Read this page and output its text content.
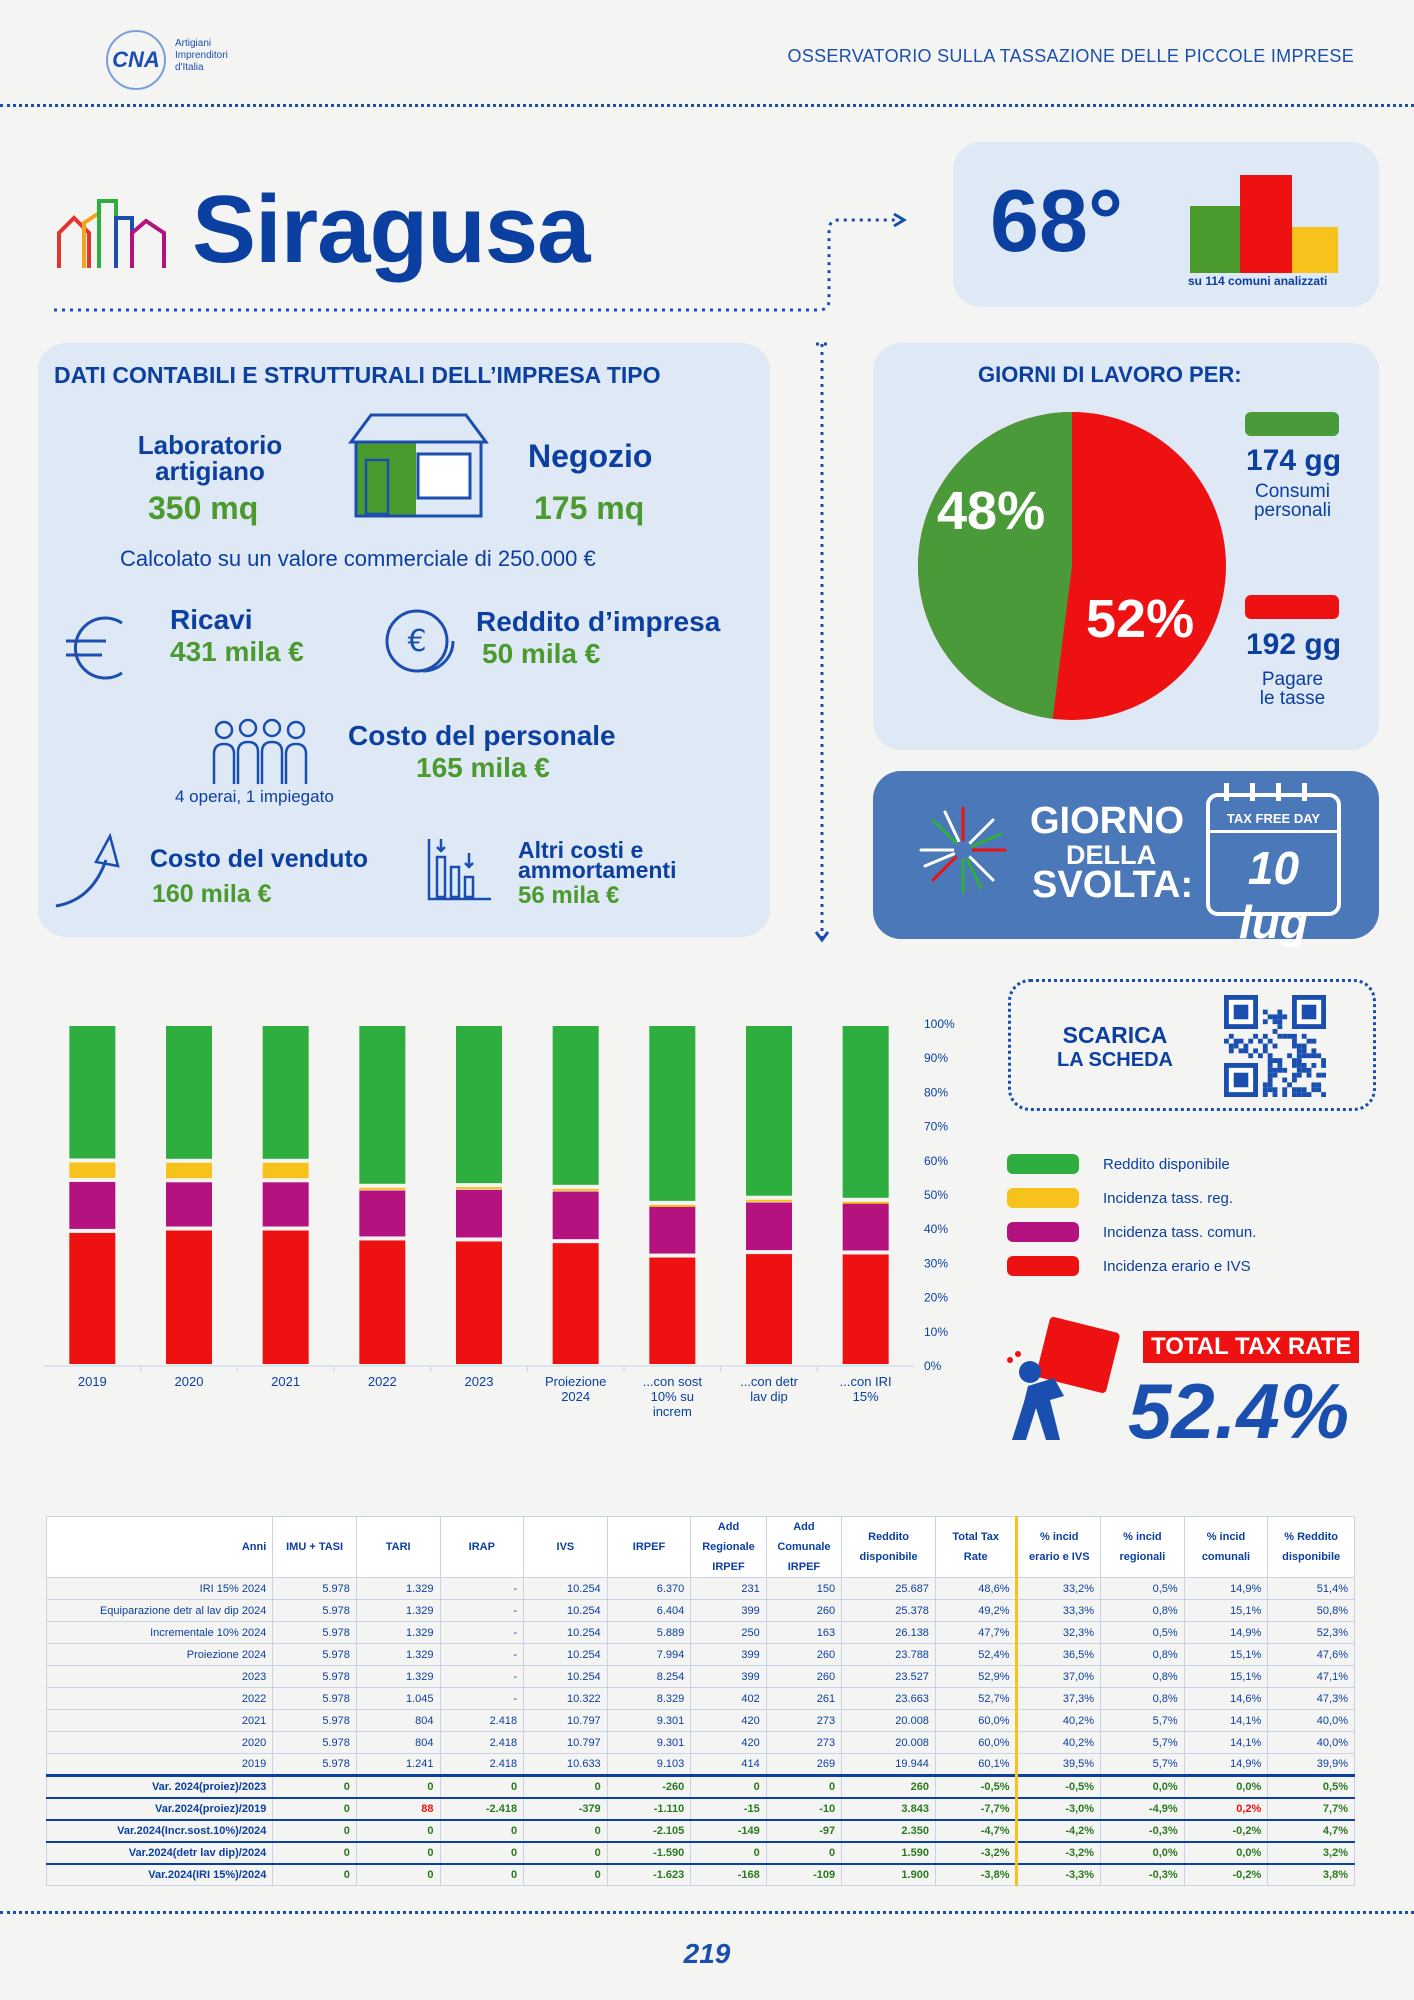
CNA
Artigiani
Imprenditori
d'Italia
OSSERVATORIO SULLA TASSAZIONE DELLE PICCOLE IMPRESE
Siragusa	68°
su 114 comuni analizzati
DATI CONTABILI E STRUTTURALI DELL’IMPRESA TIPO
Laboratorio artigiano
350 mq
Negozio
175 mq
Calcolato su un valore commerciale di 250.000 €
Ricavi
431 mila €	€
Reddito d’impresa
50 mila €
4 operai, 1 impiegato
Costo del personale
165 mila €
Costo del venduto
160 mila €
Altri costi e
ammortamenti
56 mila €
GIORNI DI LAVORO PER:
48%
52%
174 gg
Consumi
personali
192 gg
Pagare
le tasse
GIORNO
DELLA
SVOLTA:
TAX FREE DAY
10 lug
0%
10%
20%
30%
40%
50%
60%
70%
80%
90%
100%
2019	2020	2021	2022	2023	Proiezione
2024
...con sost
10% su
increm
...con detr
lav dip
...con IRI
15%
SCARICA
LA SCHEDA
Reddito disponibile
Incidenza tass. reg.
Incidenza tass. comun.
Incidenza erario e IVS
TOTAL TAX RATE
52.4%
Anni	IMU + TASI	TARI	IRAP	IVS	IRPEF	Add Regionale IRPEF	Add Comunale IRPEF	Reddito disponibile	Total Tax Rate	% incid erario e IVS	% incid regionali	% incid comunali	% Reddito disponibile
IRI 15% 2024	5.978	1.329	-	10.254	6.370	231	150	25.687	48,6%	33,2%	0,5%	14,9%	51,4%
Equiparazione detr al lav dip 2024	5.978	1.329	-	10.254	6.404	399	260	25.378	49,2%	33,3%	0,8%	15,1%	50,8%
Incrementale 10% 2024	5.978	1.329	-	10.254	5.889	250	163	26.138	47,7%	32,3%	0,5%	14,9%	52,3%
Proiezione 2024	5.978	1.329	-	10.254	7.994	399	260	23.788	52,4%	36,5%	0,8%	15,1%	47,6%
2023	5.978	1.329	-	10.254	8.254	399	260	23.527	52,9%	37,0%	0,8%	15,1%	47,1%
2022	5.978	1.045	-	10.322	8.329	402	261	23.663	52,7%	37,3%	0,8%	14,6%	47,3%
2021	5.978	804	2.418	10.797	9.301	420	273	20.008	60,0%	40,2%	5,7%	14,1%	40,0%
2020	5.978	804	2.418	10.797	9.301	420	273	20.008	60,0%	40,2%	5,7%	14,1%	40,0%
2019	5.978	1.241	2.418	10.633	9.103	414	269	19.944	60,1%	39,5%	5,7%	14,9%	39,9%
Var. 2024(proiez)/2023	0	0	0	0	-260	0	0	260	-0,5%	-0,5%	0,0%	0,0%	0,5%
Var.2024(proiez)/2019	0	88	-2.418	-379	-1.110	-15	-10	3.843	-7,7%	-3,0%	-4,9%	0,2%	7,7%
Var.2024(Incr.sost.10%)/2024	0	0	0	0	-2.105	-149	-97	2.350	-4,7%	-4,2%	-0,3%	-0,2%	4,7%
Var.2024(detr lav dip)/2024	0	0	0	0	-1.590	0	0	1.590	-3,2%	-3,2%	0,0%	0,0%	3,2%
Var.2024(IRI 15%)/2024	0	0	0	0	-1.623	-168	-109	1.900	-3,8%	-3,3%	-0,3%	-0,2%	3,8%
219
